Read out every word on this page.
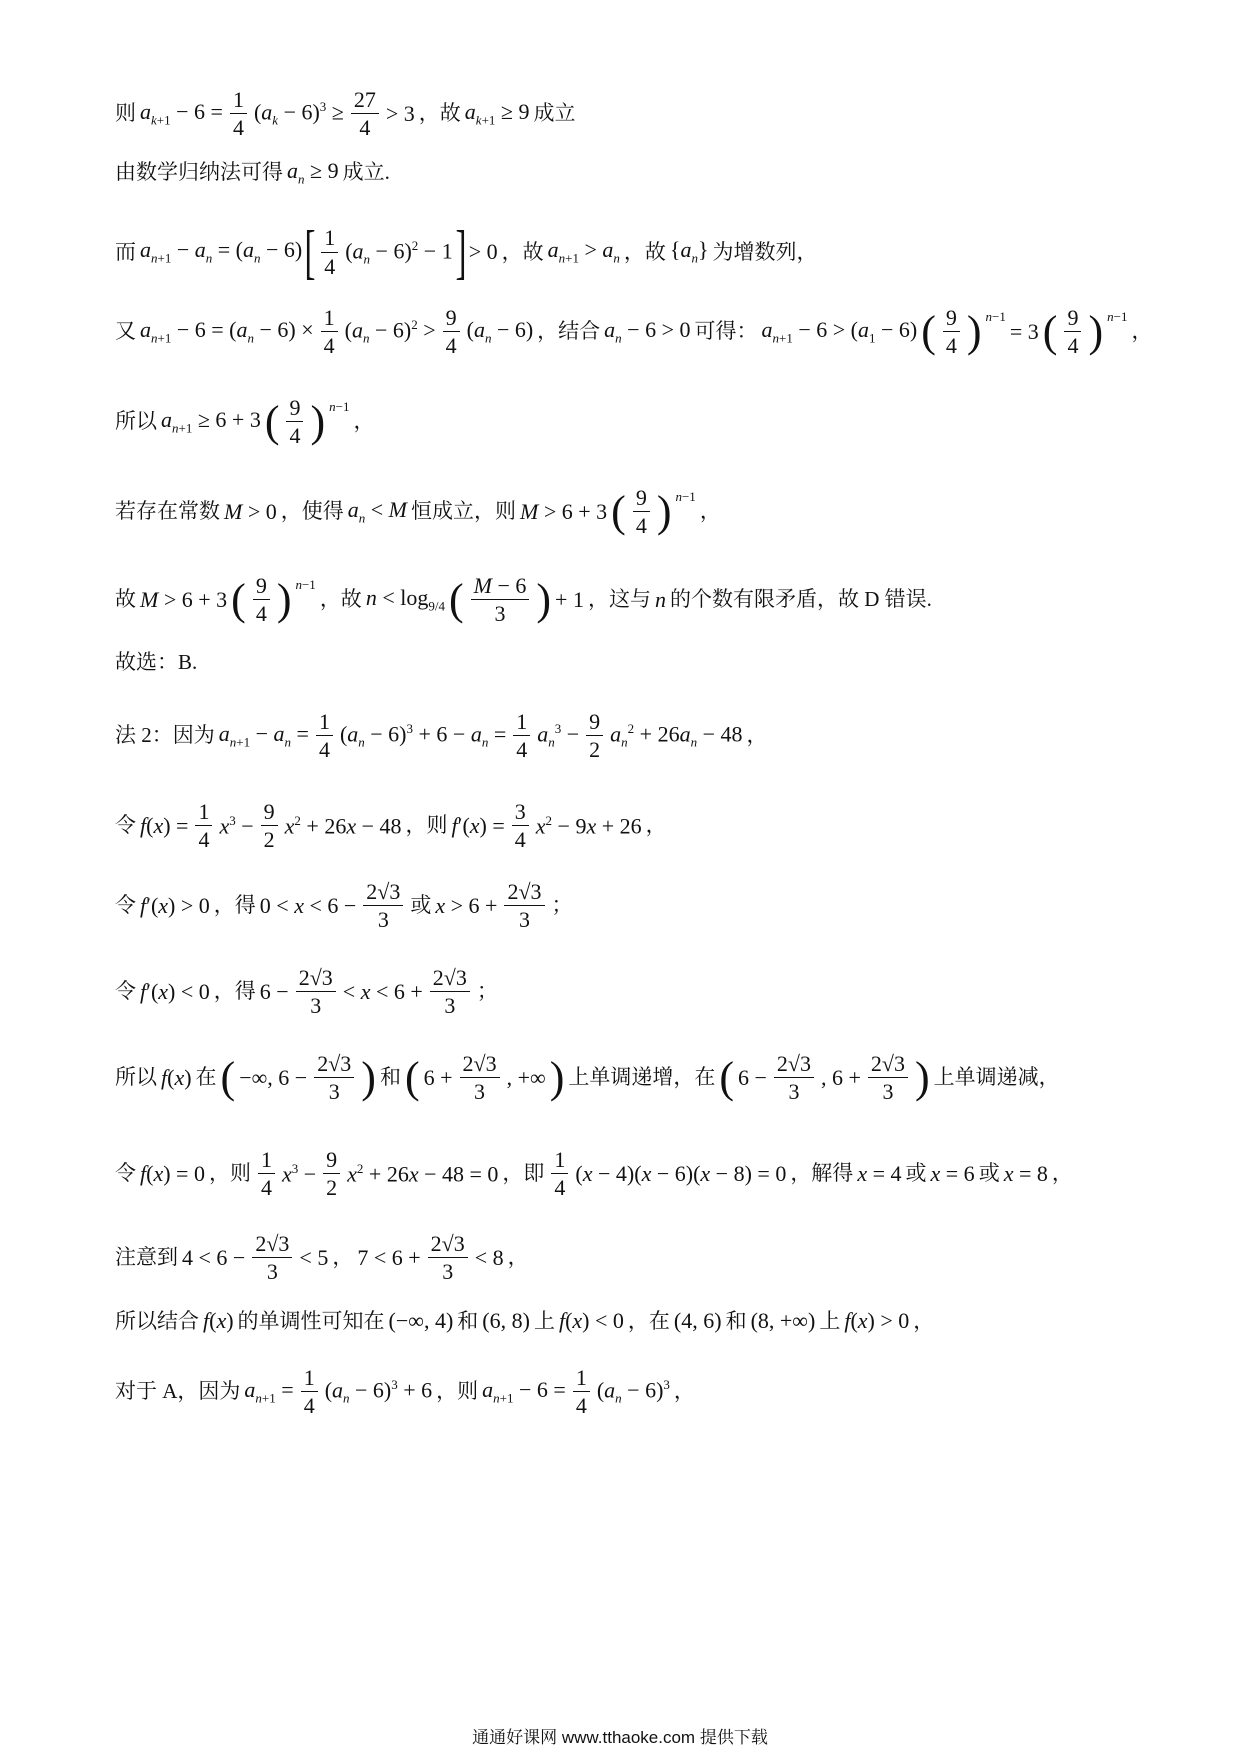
则 $a_{k+1} - 6 = \frac{1}{4} (a_k - 6)^3 \ge \frac{27}{4} > 3$ ，故 $a_{k+1} \ge 9$ 成立
由数学归纳法可得 $a_n \ge 9$ 成立.
而 $a_{n+1} - a_n = (a_n - 6)$ [ $\frac{1}{4} (a_n - 6)^2 - 1$ ] > 0 ，故 $a_{n+1} > a_n$ ，故 $\{a_n\}$ 为增数列，
又 $a_{n+1} - 6 = (a_n - 6) \times \frac{1}{4} (a_n - 6)^2 > \frac{9}{4} (a_n - 6)$ ，结合 $a_n - 6 > 0$ 可得： $a_{n+1} - 6 > (a_1 - 6)$ ( $\frac{9}{4}$ ) n−1
= 3 ( $\frac{9}{4}$ ) n−1
，
所以 $a_{n+1} \ge 6 + 3$ ( $\frac{9}{4}$ ) n−1
，
若存在常数 M > 0 ，使得 $a_n < M$ 恒成立，则 M > 6 + 3 ( $\frac{9}{4}$ ) n−1
，
故 M > 6 + 3 ( $\frac{9}{4}$ ) n−1
，故 $n < \log_{9/4}$ ( $\frac{M - 6}{3}$ ) + 1 ，这与 n 的个数有限矛盾，故 D 错误.
故选：B.
法 2：因为 $a_{n+1} - a_n = \frac{1}{4} (a_n - 6)^3 + 6 - a_n = \frac{1}{4} a_n^3 - \frac{9}{2} a_n^2 + 26a_n - 48$ ，
令 $f(x) = \frac{1}{4} x^3 - \frac{9}{2} x^2 + 26x - 48$ ，则 $f'(x) = \frac{3}{4} x^2 - 9x + 26$ ，
令 f′(x) > 0 ，得 $0 < x < 6 - \frac{2√3}{3}$ 或 $x > 6 + \frac{2√3}{3}$ ；
令 f′(x) < 0 ，得 $6 - \frac{2√3}{3} < x < 6 + \frac{2√3}{3}$ ；
所以 f(x) 在 ( −∞, $6 - \frac{2√3}{3}$ ) 和 ( $6 + \frac{2√3}{3}$ , +∞ ) 上单调递增，在 ( $6 - \frac{2√3}{3}$ , $6 + \frac{2√3}{3}$ ) 上单调递减，
令 f(x) = 0 ，则 $\frac{1}{4} x^3 - \frac{9}{2} x^2 + 26x - 48 = 0$ ，即 $\frac{1}{4} (x - 4)(x - 6)(x - 8) = 0$ ，解得 x = 4 或 x = 6 或 x = 8 ，
注意到 $4 < 6 - \frac{2√3}{3} < 5$ ， $7 < 6 + \frac{2√3}{3} < 8$ ，
所以结合 f(x) 的单调性可知在 (−∞, 4) 和 (6, 8) 上 f(x) < 0 ，在 (4, 6) 和 (8, +∞) 上 f(x) > 0 ，
对于 A，因为 $a_{n+1} = \frac{1}{4} (a_n - 6)^3 + 6$ ，则 $a_{n+1} - 6 = \frac{1}{4} (a_n - 6)^3$ ，
通通好课网 www.tthaoke.com 提供下载
